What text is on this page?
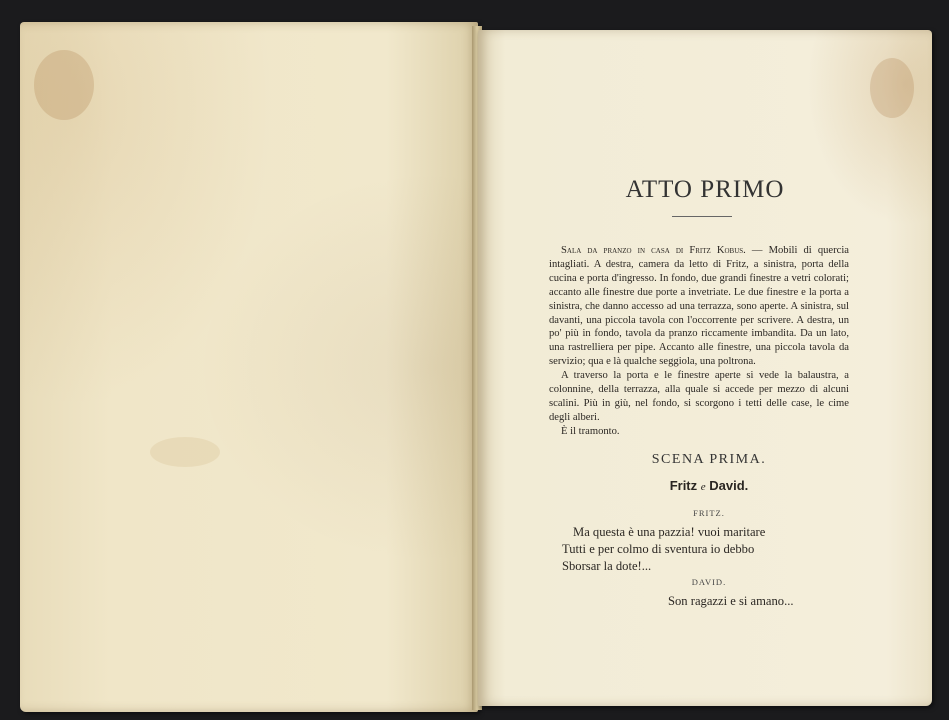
ATTO PRIMO

Sala da pranzo in casa di Fritz Kobus. — Mobili di quercia intagliati. A destra, camera da letto di Fritz, a sinistra, porta della cucina e porta d'ingresso. In fondo, due grandi finestre a vetri colorati; accanto alle finestre due porte a invetriate. Le due finestre e la porta a sinistra, che danno accesso ad una terrazza, sono aperte. A sinistra, sul davanti, una piccola tavola con l'occorrente per scrivere. A destra, un po' più in fondo, tavola da pranzo riccamente imbandita. Da un lato, una rastrelliera per pipe. Accanto alle finestre, una piccola tavola da servizio; qua e là qualche seggiola, una poltrona.

A traverso la porta e le finestre aperte si vede la balaustra, a colonnine, della terrazza, alla quale si accede per mezzo di alcuni scalini. Più in giù, nel fondo, si scorgono i tetti delle case, le cime degli alberi.

È il tramonto.

SCENA PRIMA.
Fritz e David.
FRITZ.
Ma questa è una pazzia! vuoi maritare
Tutti e per colmo di sventura io debbo
Sborsar la dote!...
DAVID.
Son ragazzi e si amano...
